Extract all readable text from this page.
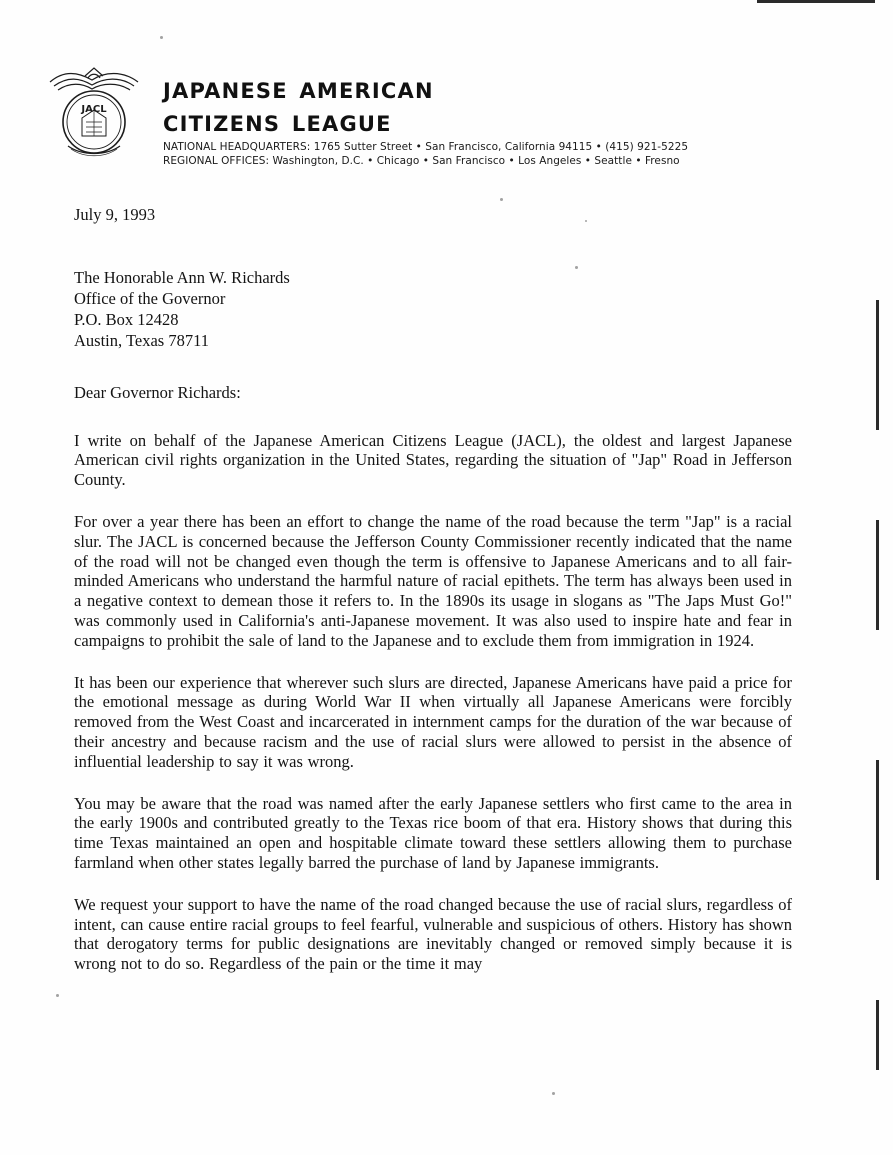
JACL
japanese american
citizens league
NATIONAL HEADQUARTERS: 1765 Sutter Street • San Francisco, California 94115 • (415) 921-5225
REGIONAL OFFICES: Washington, D.C. • Chicago • San Francisco • Los Angeles • Seattle • Fresno
July 9, 1993
The Honorable Ann W. Richards
Office of the Governor
P.O. Box 12428
Austin, Texas 78711
Dear Governor Richards:

I write on behalf of the Japanese American Citizens League (JACL), the oldest and largest Japanese American civil rights organization in the United States, regarding the situation of "Jap" Road in Jefferson County.

For over a year there has been an effort to change the name of the road because the term "Jap" is a racial slur. The JACL is concerned because the Jefferson County Commissioner recently indicated that the name of the road will not be changed even though the term is offensive to Japanese Americans and to all fair-minded Americans who understand the harmful nature of racial epithets. The term has always been used in a negative context to demean those it refers to. In the 1890s its usage in slogans as "The Japs Must Go!" was commonly used in California's anti-Japanese movement. It was also used to inspire hate and fear in campaigns to prohibit the sale of land to the Japanese and to exclude them from immigration in 1924.

It has been our experience that wherever such slurs are directed, Japanese Americans have paid a price for the emotional message as during World War II when virtually all Japanese Americans were forcibly removed from the West Coast and incarcerated in internment camps for the duration of the war because of their ancestry and because racism and the use of racial slurs were allowed to persist in the absence of influential leadership to say it was wrong.

You may be aware that the road was named after the early Japanese settlers who first came to the area in the early 1900s and contributed greatly to the Texas rice boom of that era. History shows that during this time Texas maintained an open and hospitable climate toward these settlers allowing them to purchase farmland when other states legally barred the purchase of land by Japanese immigrants.

We request your support to have the name of the road changed because the use of racial slurs, regardless of intent, can cause entire racial groups to feel fearful, vulnerable and suspicious of others. History has shown that derogatory terms for public designations are inevitably changed or removed simply because it is wrong not to do so. Regardless of the pain or the time it may
